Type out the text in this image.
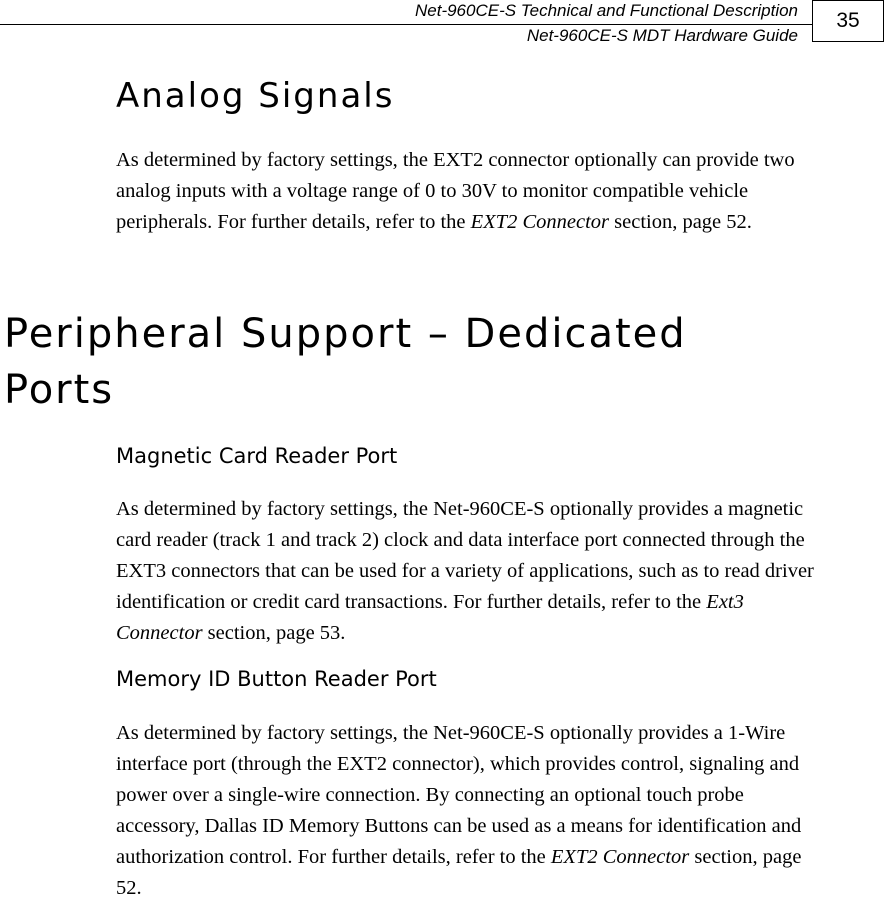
Net-960CE-S Technical and Functional Description
Net-960CE-S MDT Hardware Guide
35
Analog Signals

As determined by factory settings, the EXT2 connector optionally can provide two analog inputs with a voltage range of 0 to 30V to monitor compatible vehicle peripherals. For further details, refer to the EXT2 Connector section, page 52.

Peripheral Support – Dedicated Ports
Magnetic Card Reader Port

As determined by factory settings, the Net-960CE-S optionally provides a magnetic card reader (track 1 and track 2) clock and data interface port connected through the EXT3 connectors that can be used for a variety of applications, such as to read driver identification or credit card transactions. For further details, refer to the Ext3 Connector section, page 53.

Memory ID Button Reader Port

As determined by factory settings, the Net-960CE-S optionally provides a 1-Wire interface port (through the EXT2 connector), which provides control, signaling and power over a single-wire connection. By connecting an optional touch probe accessory, Dallas ID Memory Buttons can be used as a means for identification and authorization control. For further details, refer to the EXT2 Connector section, page 52.
